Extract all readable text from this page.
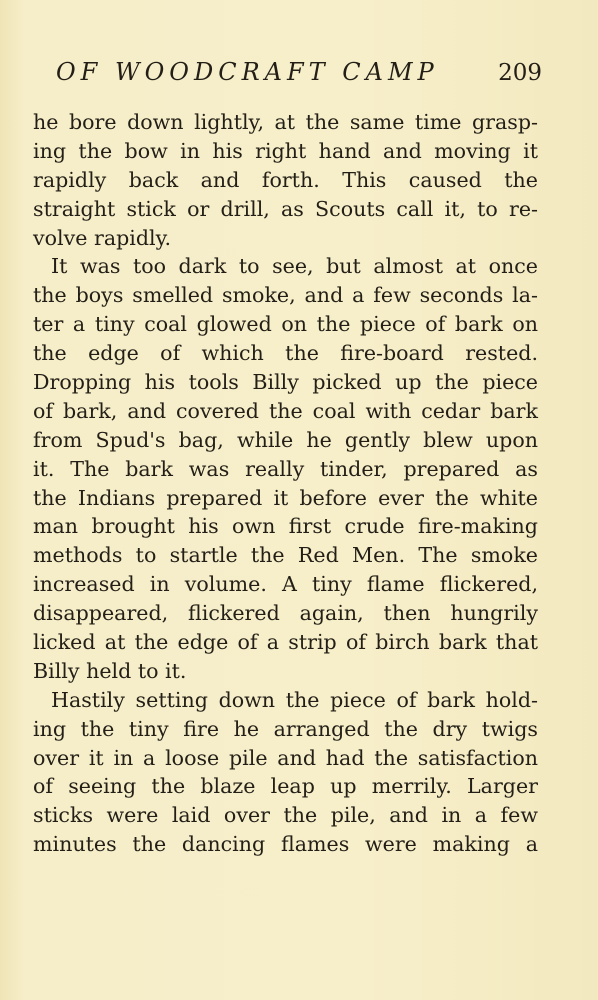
OF WOODCRAFT CAMP	209
he bore down lightly, at the same time grasp-
ing the bow in his right hand and moving it
rapidly back and forth. This caused the
straight stick or drill, as Scouts call it, to re-
volve rapidly.
It was too dark to see, but almost at once
the boys smelled smoke, and a few seconds la-
ter a tiny coal glowed on the piece of bark on
the edge of which the fire-board rested.
Dropping his tools Billy picked up the piece
of bark, and covered the coal with cedar bark
from Spud's bag, while he gently blew upon
it. The bark was really tinder, prepared as
the Indians prepared it before ever the white
man brought his own first crude fire-making
methods to startle the Red Men. The smoke
increased in volume. A tiny flame flickered,
disappeared, flickered again, then hungrily
licked at the edge of a strip of birch bark that
Billy held to it.
Hastily setting down the piece of bark hold-
ing the tiny fire he arranged the dry twigs
over it in a loose pile and had the satisfaction
of seeing the blaze leap up merrily. Larger
sticks were laid over the pile, and in a few
minutes the dancing flames were making a
